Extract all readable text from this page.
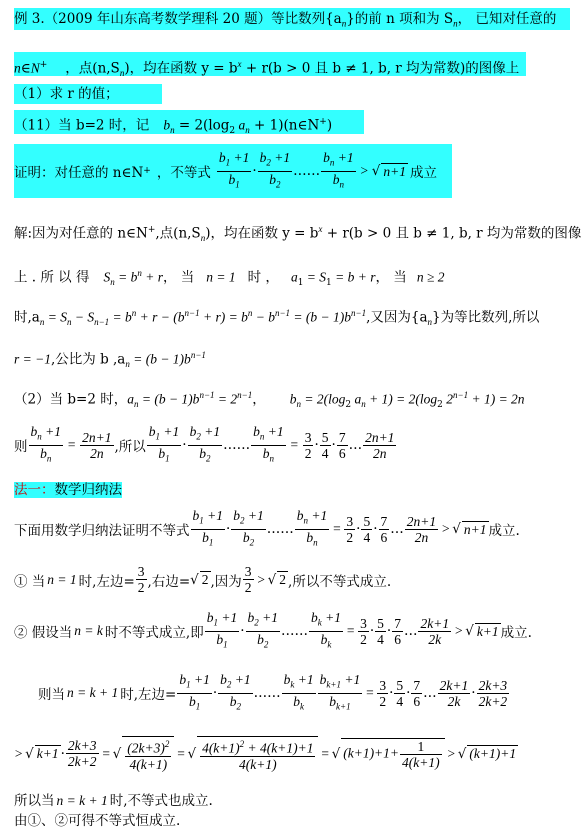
例 3.（2009 年山东高考数学理科 20 题）等比数列$\{a_n\}$的前 n 项和为 $S_n$， 已知对任意的
n∈N+ ，点$(n,S_n)$，均在函数 $y = b^x + r(b > 0$ 且 b ≠ 1, b, r 均为常数)的图像上
（1）求 r 的值；
（11）当 b=2 时，记 $b_n = 2(\log_2$ $a_n$ + 1)(n∈N+)
证明：对任意的 n∈N + ，不等式 $\frac{b_1 +1}{b_1} \cdot \frac{b_2 +1}{b_2}$ …… $\frac{b_n +1}{b_n}$ > √ n+1 成立
解:因为对任意的 n∈N+,点$(n,S_n)$，均在函数 $y = b^x + r(b > 0$ 且 b ≠ 1, b, r 均为常数的图像
上 . 所 以 得 $S_n = b^n + r$， 当 n = 1 时 ， $a_1 = S_1 = b + r$， 当 n ≥ 2
时$,a_n = S_n - S_{n-1} = b^n + r - (b^{n-1} + r) = b^n - b^{n-1} = (b - 1)b^{n-1}$,又因为$\{a_n\}$为等比数列,所以
r = −1,公比为 b $,a_n = (b - 1)b^{n-1}$
（2）当 b=2 时，$a_n = (b - 1)b^{n-1} = 2^{n-1}$， $b_n = 2(\log_2$ $a_n + 1) = 2(\log_2$ $2^{n-1} + 1) = 2n$
则 $\frac{b_n +1}{b_n} = \frac{2n+1}{2n}$ ,所以 $\frac{b_1 +1}{b_1} \cdot \frac{b_2 +1}{b_2}$ …… $\frac{b_n +1}{b_n} = \frac{3}{2} \cdot \frac{5}{4} \cdot \frac{7}{6}$ … $\frac{2n+1}{2n}$
法一：数学归纳法
下面用数学归纳法证明不等式 $\frac{b_1 +1}{b_1} \cdot \frac{b_2 +1}{b_2}$ …… $\frac{b_n +1}{b_n} = \frac{3}{2} \cdot \frac{5}{4} \cdot \frac{7}{6}$ … $\frac{2n+1}{2n}$ > √ n+1 成立.
① 当 n = 1 时,左边= $\frac{3}{2}$ ,右边= √ 2 ,因为 $\frac{3}{2}$ > √ 2 ,所以不等式成立.
② 假设当 n = k 时不等式成立,即 $\frac{b_1 +1}{b_1} \cdot \frac{b_2 +1}{b_2}$ …… $\frac{b_k +1}{b_k} = \frac{3}{2} \cdot \frac{5}{4} \cdot \frac{7}{6}$ … $\frac{2k+1}{2k}$ > √ k+1 成立.
则当 n = k + 1 时,左边= $\frac{b_1 +1}{b_1} \cdot \frac{b_2 +1}{b_2}$ …… $\frac{b_k +1}{b_k} \frac{b_{k+1} +1}{b_{k+1}} = \frac{3}{2} \cdot \frac{5}{4} \cdot \frac{7}{6}$ … $\frac{2k+1}{2k} \cdot \frac{2k+3}{2k+2}$
> √ $k+1 \cdot \frac{2k+3}{2k+2}$ = √ $\frac{(2k+3)^2}{4(k+1)}$ = √ $\frac{4(k+1)^2 + 4(k+1)+1}{4(k+1)}$ = √ $(k+1)+1+ \frac{1}{4(k+1)}$ > √ (k+1)+1
所以当 n = k + 1 时,不等式也成立.
由①、②可得不等式恒成立.
